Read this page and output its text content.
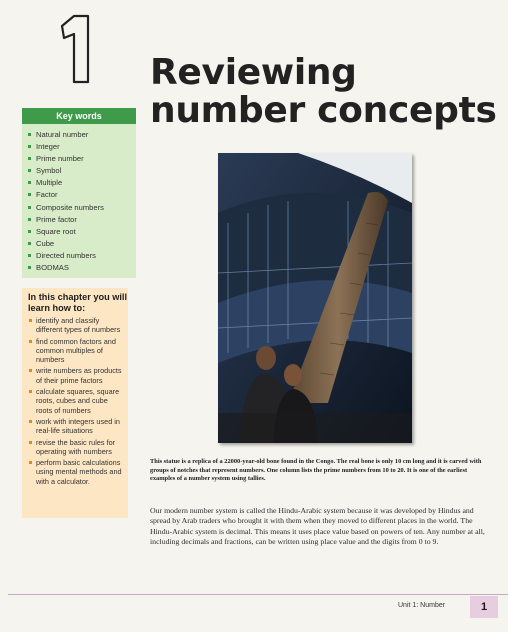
1
Reviewing number concepts
Key words
Natural number
Integer
Prime number
Symbol
Multiple
Factor
Composite numbers
Prime factor
Square root
Cube
Directed numbers
BODMAS
In this chapter you will learn how to:
identify and classify different types of numbers
find common factors and common multiples of numbers
write numbers as products of their prime factors
calculate squares, square roots, cubes and cube roots of numbers
work with integers used in real-life situations
revise the basic rules for operating with numbers
perform basic calculations using mental methods and with a calculator.
This statue is a replica of a 22000-year-old bone found in the Congo. The real bone is only 10 cm long and it is carved with groups of notches that represent numbers. One column lists the prime numbers from 10 to 20. It is one of the earliest examples of a number system using tallies.
Our modern number system is called the Hindu-Arabic system because it was developed by Hindus and spread by Arab traders who brought it with them when they moved to different places in the world. The Hindu-Arabic system is decimal. This means it uses place value based on powers of ten. Any number at all, including decimals and fractions, can be written using place value and the digits from 0 to 9.
Unit 1: Number	1
